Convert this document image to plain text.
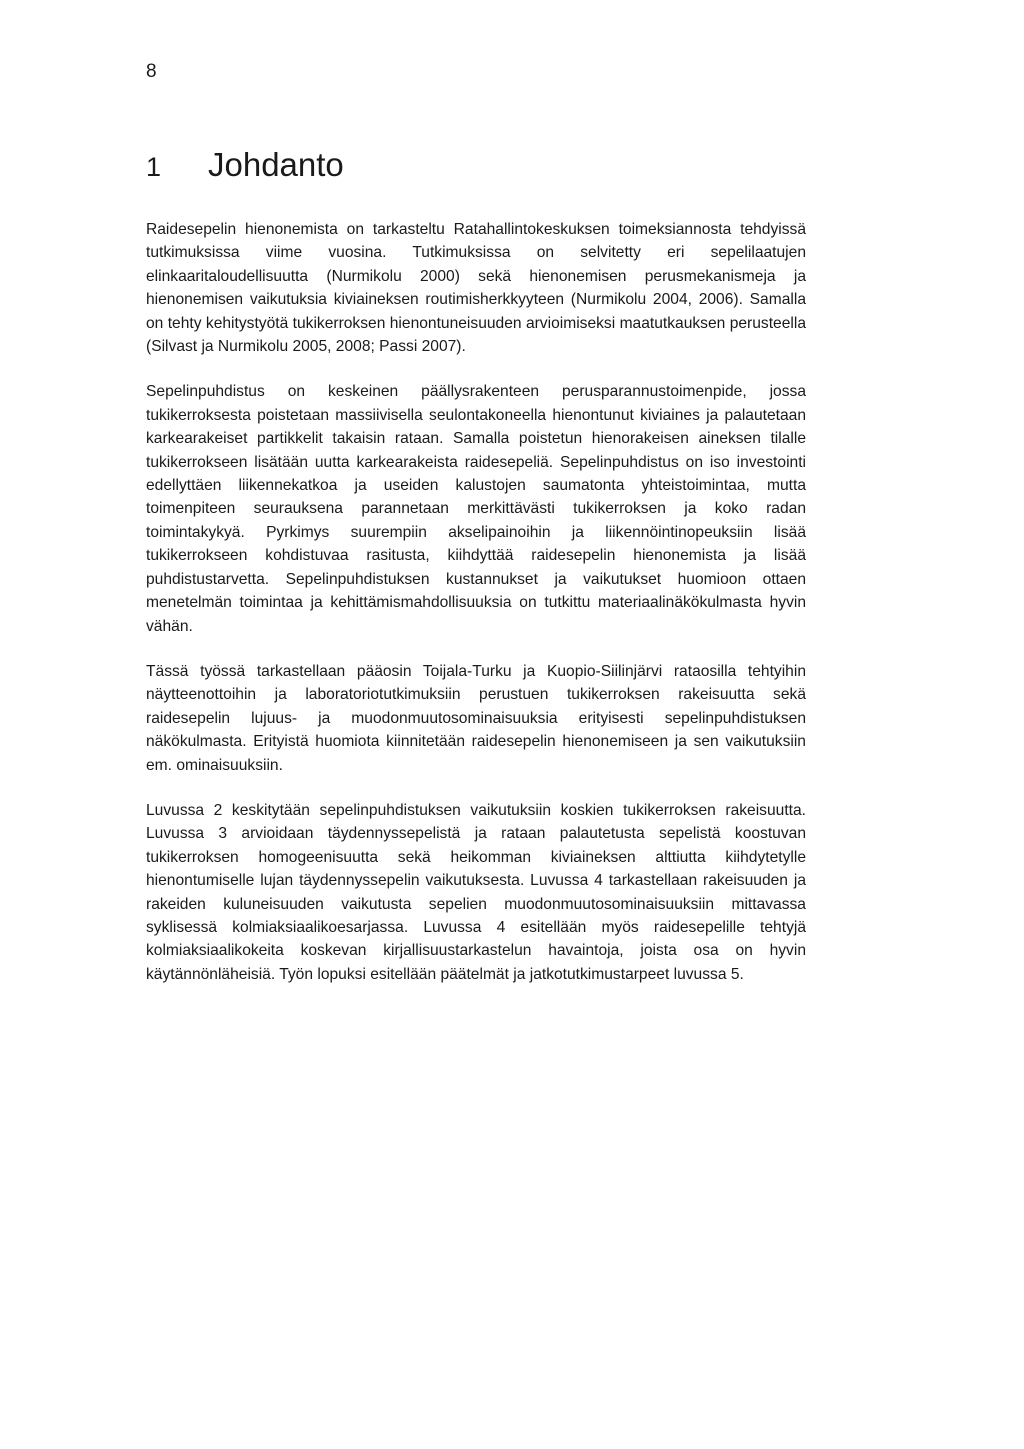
8
1	Johdanto

Raidesepelin hienonemista on tarkasteltu Ratahallintokeskuksen toimeksiannosta tehdyissä tutkimuksissa viime vuosina. Tutkimuksissa on selvitetty eri sepelilaatujen elinkaaritaloudellisuutta (Nurmikolu 2000) sekä hienonemisen perusmekanismeja ja hienonemisen vaikutuksia kiviaineksen routimisherkkyyteen (Nurmikolu 2004, 2006). Samalla on tehty kehitystyötä tukikerroksen hienontuneisuuden arvioimiseksi maatutkauksen perusteella (Silvast ja Nurmikolu 2005, 2008; Passi 2007).

Sepelinpuhdistus on keskeinen päällysrakenteen perusparannustoimenpide, jossa tukikerroksesta poistetaan massiivisella seulontakoneella hienontunut kiviaines ja palautetaan karkearakeiset partikkelit takaisin rataan. Samalla poistetun hienorakeisen aineksen tilalle tukikerrokseen lisätään uutta karkearakeista raidesepeliä. Sepelinpuhdistus on iso investointi edellyttäen liikennekatkoa ja useiden kalustojen saumatonta yhteistoimintaa, mutta toimenpiteen seurauksena parannetaan merkittävästi tukikerroksen ja koko radan toimintakykyä. Pyrkimys suurempiin akselipainoihin ja liikennöintinopeuksiin lisää tukikerrokseen kohdistuvaa rasitusta, kiihdyttää raidesepelin hienonemista ja lisää puhdistustarvetta. Sepelinpuhdistuksen kustannukset ja vaikutukset huomioon ottaen menetelmän toimintaa ja kehittämismahdollisuuksia on tutkittu materiaalinäkökulmasta hyvin vähän.

Tässä työssä tarkastellaan pääosin Toijala-Turku ja Kuopio-Siilinjärvi rataosilla tehtyihin näytteenottoihin ja laboratoriotutkimuksiin perustuen tukikerroksen rakeisuutta sekä raidesepelin lujuus- ja muodonmuutosominaisuuksia erityisesti sepelinpuhdistuksen näkökulmasta. Erityistä huomiota kiinnitetään raidesepelin hienonemiseen ja sen vaikutuksiin em. ominaisuuksiin.

Luvussa 2 keskitytään sepelinpuhdistuksen vaikutuksiin koskien tukikerroksen rakeisuutta. Luvussa 3 arvioidaan täydennyssepelistä ja rataan palautetusta sepelistä koostuvan tukikerroksen homogeenisuutta sekä heikomman kiviaineksen alttiutta kiihdytetylle hienontumiselle lujan täydennyssepelin vaikutuksesta. Luvussa 4 tarkastellaan rakeisuuden ja rakeiden kuluneisuuden vaikutusta sepelien muodonmuutosominaisuuksiin mittavassa syklisessä kolmiaksiaalikoesarjassa. Luvussa 4 esitellään myös raidesepelille tehtyjä kolmiaksiaalikokeita koskevan kirjallisuustarkastelun havaintoja, joista osa on hyvin käytännönläheisiä. Työn lopuksi esitellään päätelmät ja jatkotutkimustarpeet luvussa 5.
